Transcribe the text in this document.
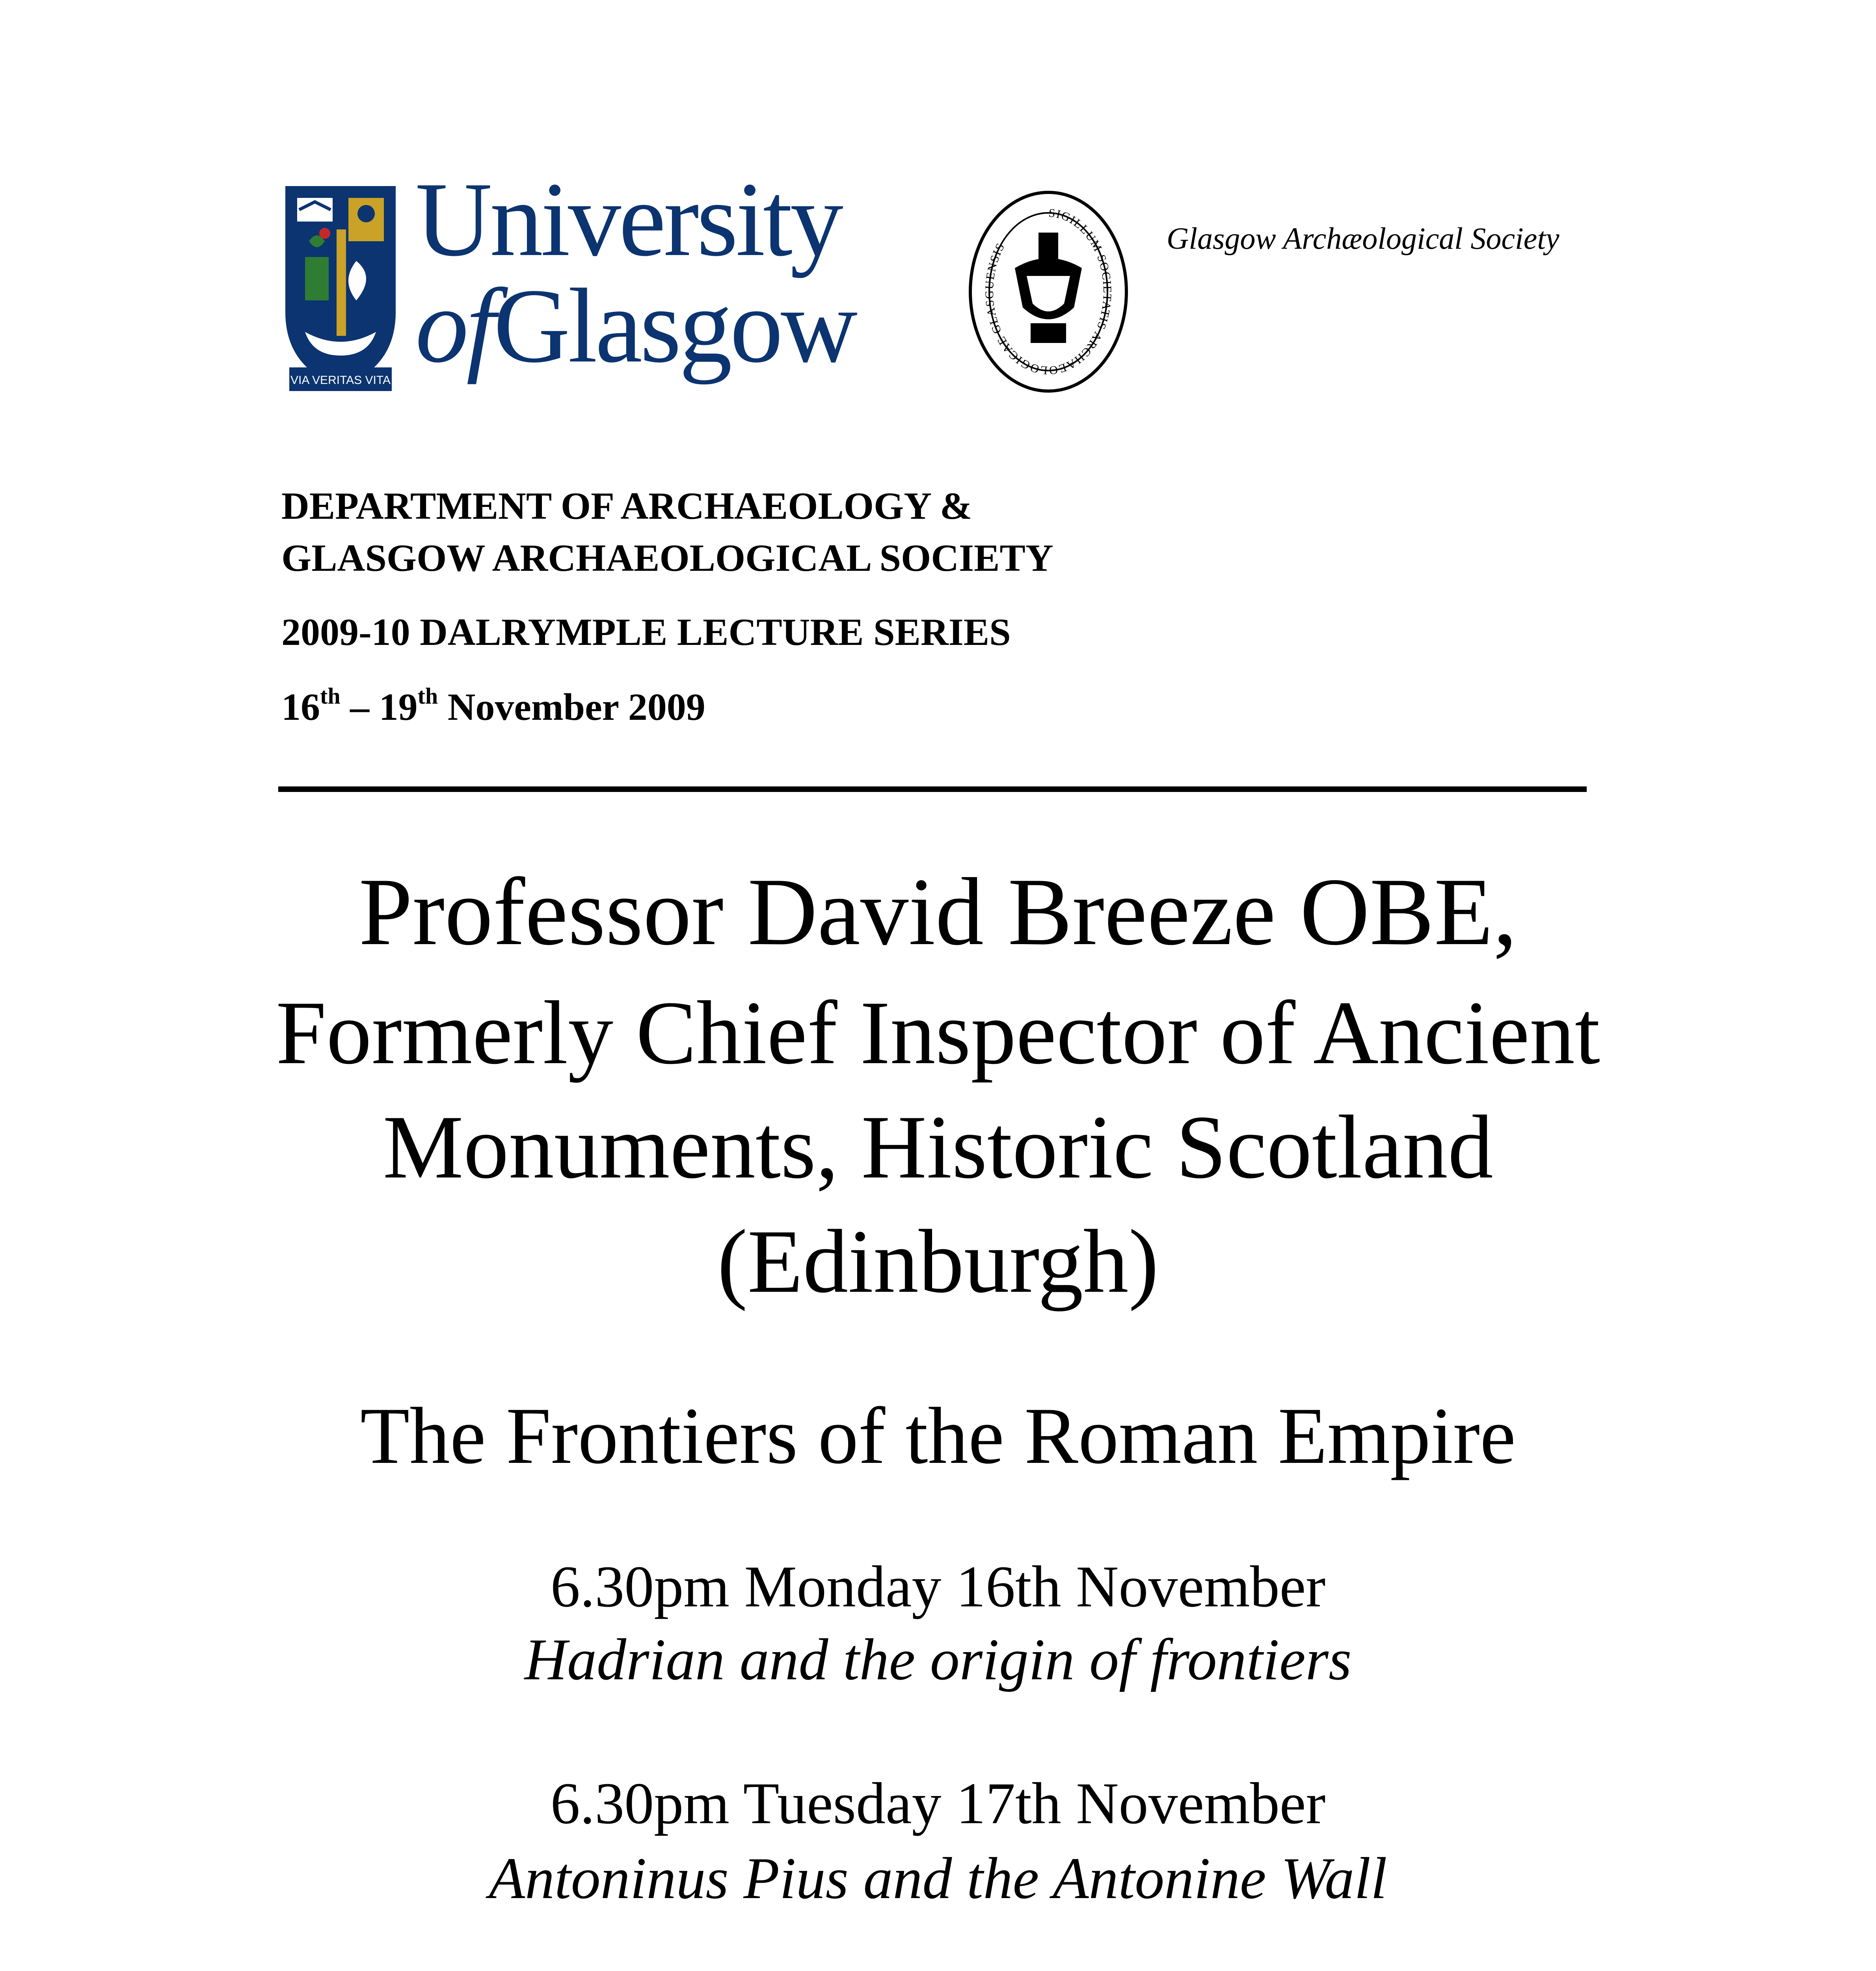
VIA VERITAS VITA
University
ofGlasgow
SIGILLUM SOCIETATIS ARCHAEOLOGICAE GLASGUENSIS	Glasgow Archæological Society
DEPARTMENT OF ARCHAEOLOGY &
GLASGOW ARCHAEOLOGICAL SOCIETY
2009-10 DALRYMPLE LECTURE SERIES
16th – 19th November 2009
Professor David Breeze OBE,
Formerly Chief Inspector of Ancient
Monuments, Historic Scotland
(Edinburgh)
The Frontiers of the Roman Empire
6.30pm Monday 16th November
Hadrian and the origin of frontiers
6.30pm Tuesday 17th November
Antoninus Pius and the Antonine Wall
